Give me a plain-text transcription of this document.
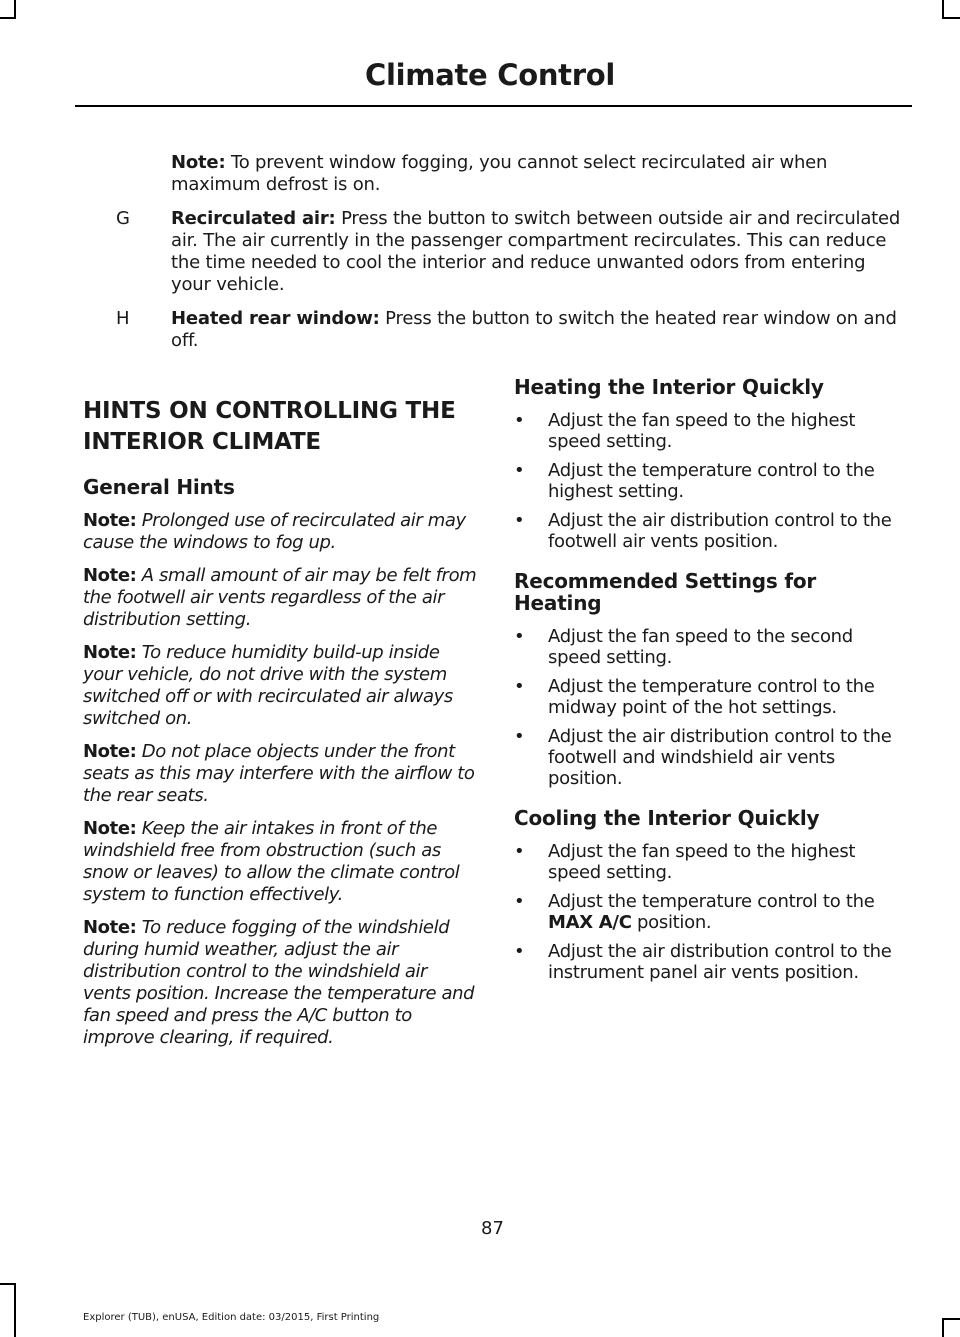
Climate Control
Note: To prevent window fogging, you cannot select recirculated air when maximum defrost is on.
G Recirculated air: Press the button to switch between outside air and recirculated air. The air currently in the passenger compartment recirculates. This can reduce the time needed to cool the interior and reduce unwanted odors from entering your vehicle.
H Heated rear window: Press the button to switch the heated rear window on and off.
HINTS ON CONTROLLING THE INTERIOR CLIMATE
General Hints

Note: Prolonged use of recirculated air may cause the windows to fog up.

Note: A small amount of air may be felt from the footwell air vents regardless of the air distribution setting.

Note: To reduce humidity build-up inside your vehicle, do not drive with the system switched off or with recirculated air always switched on.

Note: Do not place objects under the front seats as this may interfere with the airflow to the rear seats.

Note: Keep the air intakes in front of the windshield free from obstruction (such as snow or leaves) to allow the climate control system to function effectively.

Note: To reduce fogging of the windshield during humid weather, adjust the air distribution control to the windshield air vents position. Increase the temperature and fan speed and press the A/C button to improve clearing, if required.

Heating the Interior Quickly
• Adjust the fan speed to the highest speed setting.
• Adjust the temperature control to the highest setting.
• Adjust the air distribution control to the footwell air vents position.
Recommended Settings for Heating
• Adjust the fan speed to the second speed setting.
• Adjust the temperature control to the midway point of the hot settings.
• Adjust the air distribution control to the footwell and windshield air vents position.
Cooling the Interior Quickly
• Adjust the fan speed to the highest speed setting.
• Adjust the temperature control to the MAX A/C position.
• Adjust the air distribution control to the instrument panel air vents position.
87
Explorer (TUB), enUSA, Edition date: 03/2015, First Printing
